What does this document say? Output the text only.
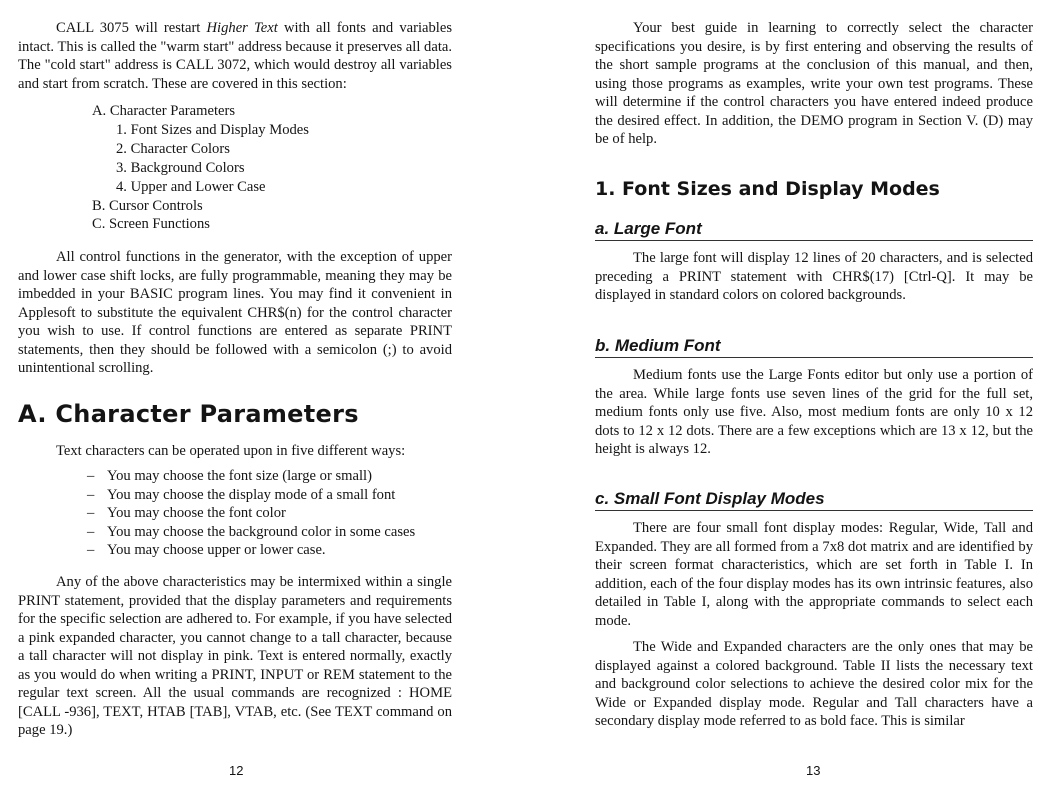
CALL 3075 will restart Higher Text with all fonts and variables intact. This is called the "warm start" address because it preserves all data. The "cold start" address is CALL 3072, which would destroy all variables and start from scratch. These are covered in this section:

A. Character Parameters
1. Font Sizes and Display Modes
2. Character Colors
3. Background Colors
4. Upper and Lower Case
B. Cursor Controls
C. Screen Functions

All control functions in the generator, with the exception of upper and lower case shift locks, are fully programmable, meaning they may be imbedded in your BASIC program lines. You may find it convenient in Applesoft to substitute the equivalent CHR$(n) for the control character you wish to use. If control functions are entered as separate PRINT statements, then they should be followed with a semicolon (;) to avoid unintentional scrolling.

A. Character Parameters

Text characters can be operated upon in five different ways:

– You may choose the font size (large or small)
– You may choose the display mode of a small font
– You may choose the font color
– You may choose the background color in some cases
– You may choose upper or lower case.

Any of the above characteristics may be intermixed within a single PRINT statement, provided that the display parameters and requirements for the specific selection are adhered to. For example, if you have selected a pink expanded character, you cannot change to a tall character, because a tall character will not display in pink. Text is entered normally, exactly as you would do when writing a PRINT, INPUT or REM statement to the regular text screen. All the usual commands are recognized : HOME [CALL -936], TEXT, HTAB [TAB], VTAB, etc. (See TEXT command on page 19.)

12

Your best guide in learning to correctly select the character specifications you desire, is by first entering and observing the results of the short sample programs at the conclusion of this manual, and then, using those programs as examples, write your own test programs. These will determine if the control characters you have entered indeed produce the desired effect. In addition, the DEMO program in Section V. (D) may be of help.

1. Font Sizes and Display Modes
a. Large Font

The large font will display 12 lines of 20 characters, and is selected preceding a PRINT statement with CHR$(17) [Ctrl-Q]. It may be displayed in standard colors on colored backgrounds.

b. Medium Font

Medium fonts use the Large Fonts editor but only use a portion of the area. While large fonts use seven lines of the grid for the full set, medium fonts only use five. Also, most medium fonts are only 10 x 12 dots to 12 x 12 dots. There are a few exceptions which are 13 x 12, but the height is always 12.

c. Small Font Display Modes

There are four small font display modes: Regular, Wide, Tall and Expanded. They are all formed from a 7x8 dot matrix and are identified by their screen format characteristics, which are set forth in Table I. In addition, each of the four display modes has its own intrinsic features, also detailed in Table I, along with the appropriate commands to select each mode.

The Wide and Expanded characters are the only ones that may be displayed against a colored background. Table II lists the necessary text and background color selections to achieve the desired color mix for the Wide or Expanded display mode. Regular and Tall characters have a secondary display mode referred to as bold face. This is similar

13
